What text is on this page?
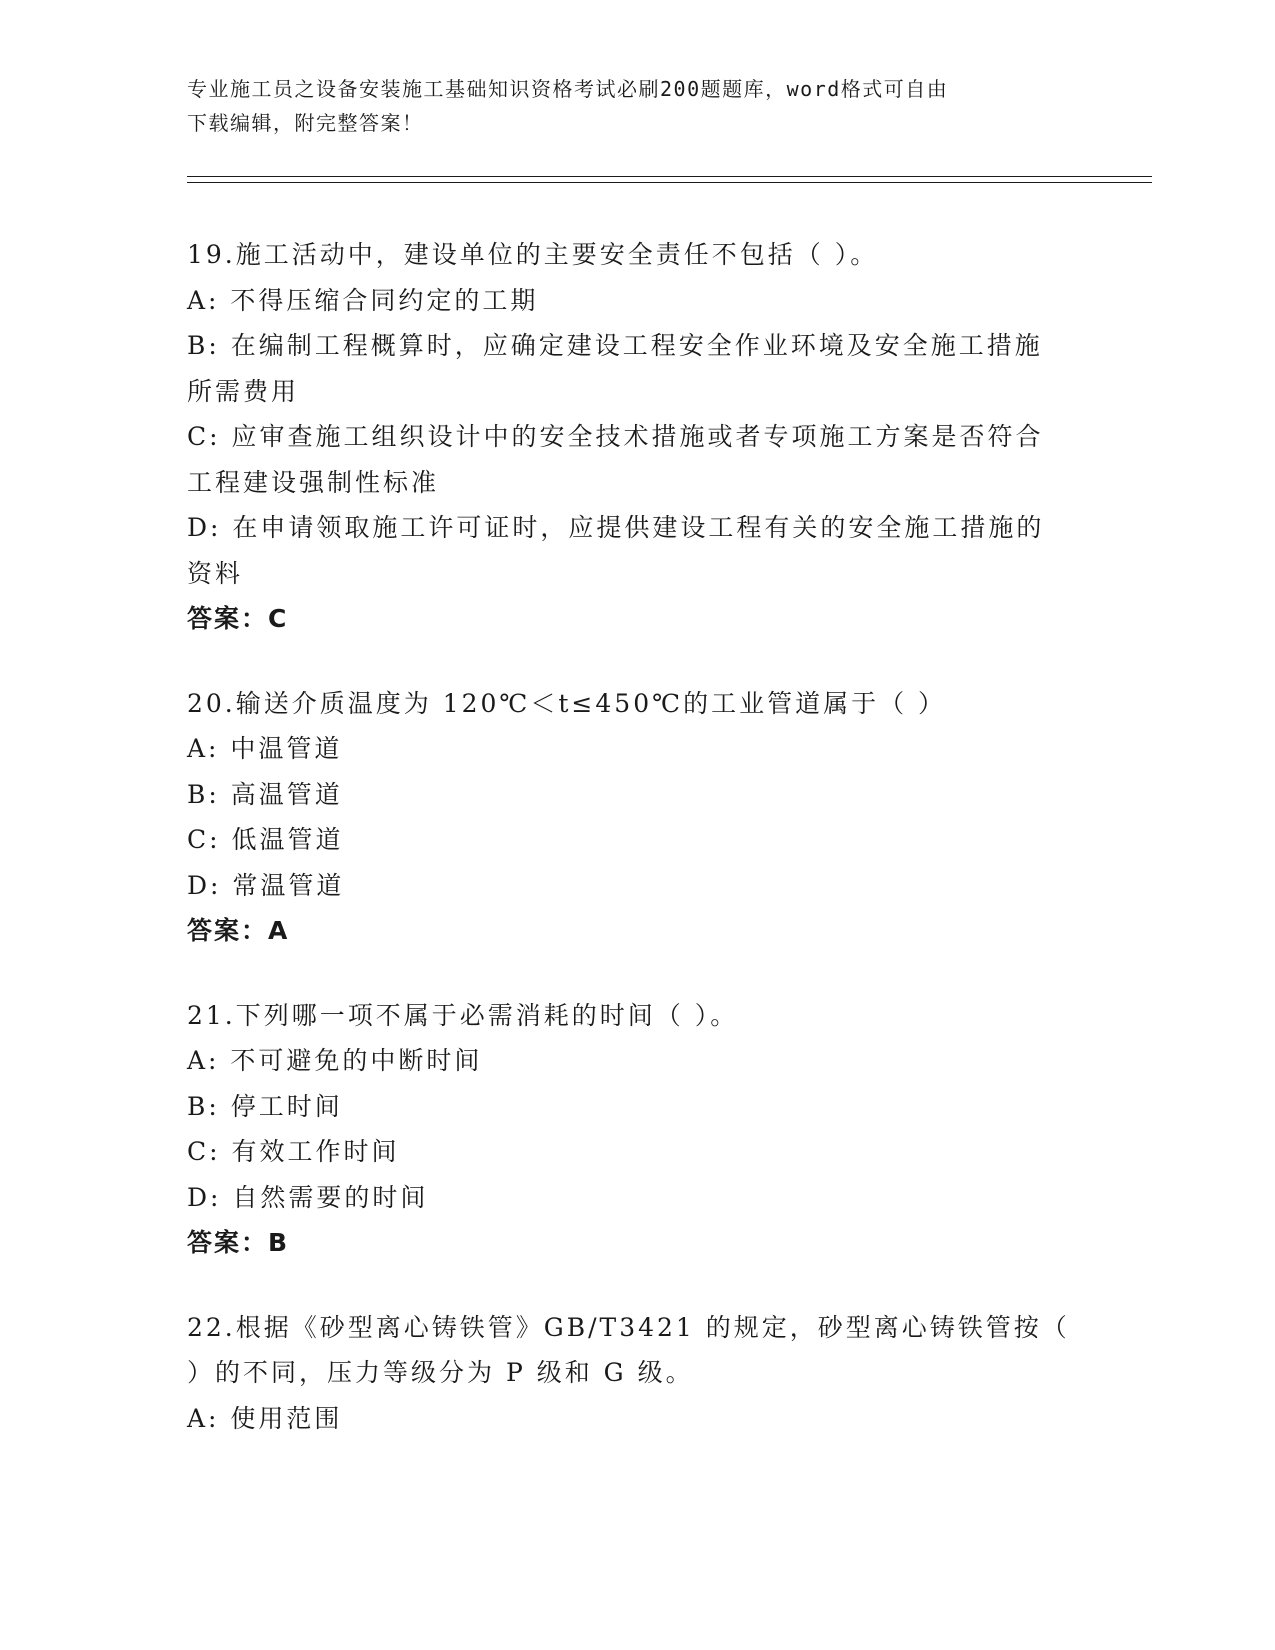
专业施工员之设备安装施工基础知识资格考试必刷200题题库，word格式可自由
下载编辑，附完整答案！
19.施工活动中，建设单位的主要安全责任不包括（ ）。
A: 不得压缩合同约定的工期
B: 在编制工程概算时，应确定建设工程安全作业环境及安全施工措施
所需费用
C: 应审查施工组织设计中的安全技术措施或者专项施工方案是否符合
工程建设强制性标准
D: 在申请领取施工许可证时，应提供建设工程有关的安全施工措施的
资料
答案：C
20.输送介质温度为 120℃＜t≤450℃的工业管道属于（ ）
A: 中温管道
B: 高温管道
C: 低温管道
D: 常温管道
答案：A
21.下列哪一项不属于必需消耗的时间（ ）。
A: 不可避免的中断时间
B: 停工时间
C: 有效工作时间
D: 自然需要的时间
答案：B
22.根据《砂型离心铸铁管》GB/T3421 的规定，砂型离心铸铁管按（
）的不同，压力等级分为 P 级和 G 级。
A: 使用范围
